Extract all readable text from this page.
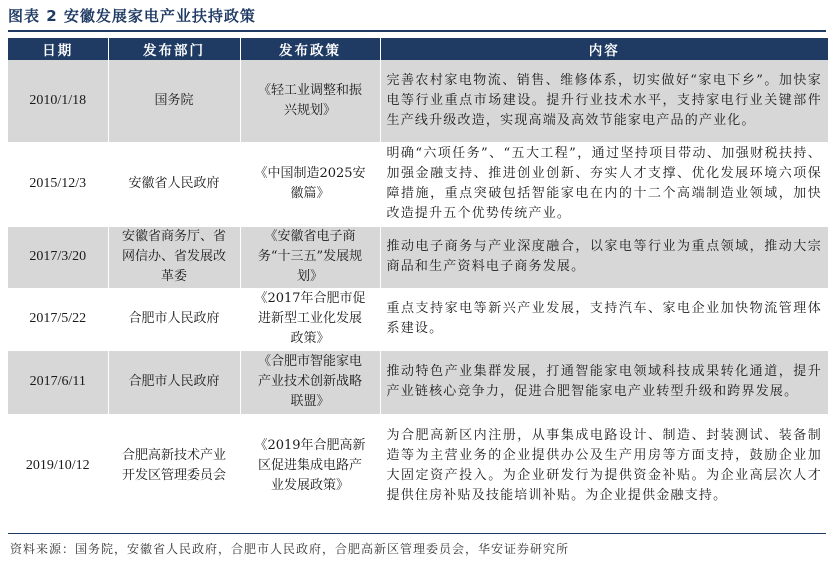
图表 2 安徽发展家电产业扶持政策
日期	发布部门	发布政策	内容
2010/1/18	国务院	《轻工业调整和振兴规划》	完善农村家电物流、销售、维修体系，切实做好“家电下乡”。加快家电等行业重点市场建设。提升行业技术水平，支持家电行业关键部件生产线升级改造，实现高端及高效节能家电产品的产业化。
2015/12/3	安徽省人民政府	《中国制造2025安徽篇》	明确“六项任务”、“五大工程”，通过坚持项目带动、加强财税扶持、加强金融支持、推进创业创新、夯实人才支撑、优化发展环境六项保障措施，重点突破包括智能家电在内的十二个高端制造业领域，加快改造提升五个优势传统产业。
2017/3/20	安徽省商务厅、省网信办、省发展改革委	《安徽省电子商务“十三五”发展规划》	推动电子商务与产业深度融合，以家电等行业为重点领域，推动大宗商品和生产资料电子商务发展。
2017/5/22	合肥市人民政府	《2017年合肥市促进新型工业化发展政策》	重点支持家电等新兴产业发展，支持汽车、家电企业加快物流管理体系建设。
2017/6/11	合肥市人民政府	《合肥市智能家电产业技术创新战略联盟》	推动特色产业集群发展，打通智能家电领域科技成果转化通道，提升产业链核心竞争力，促进合肥智能家电产业转型升级和跨界发展。
2019/10/12	合肥高新技术产业开发区管理委员会	《2019年合肥高新区促进集成电路产业发展政策》	为合肥高新区内注册，从事集成电路设计、制造、封装测试、装备制造等为主营业务的企业提供办公及生产用房等方面支持，鼓励企业加大固定资产投入。为企业研发行为提供资金补贴。为企业高层次人才提供住房补贴及技能培训补贴。为企业提供金融支持。
资料来源：国务院，安徽省人民政府，合肥市人民政府，合肥高新区管理委员会，华安证券研究所
